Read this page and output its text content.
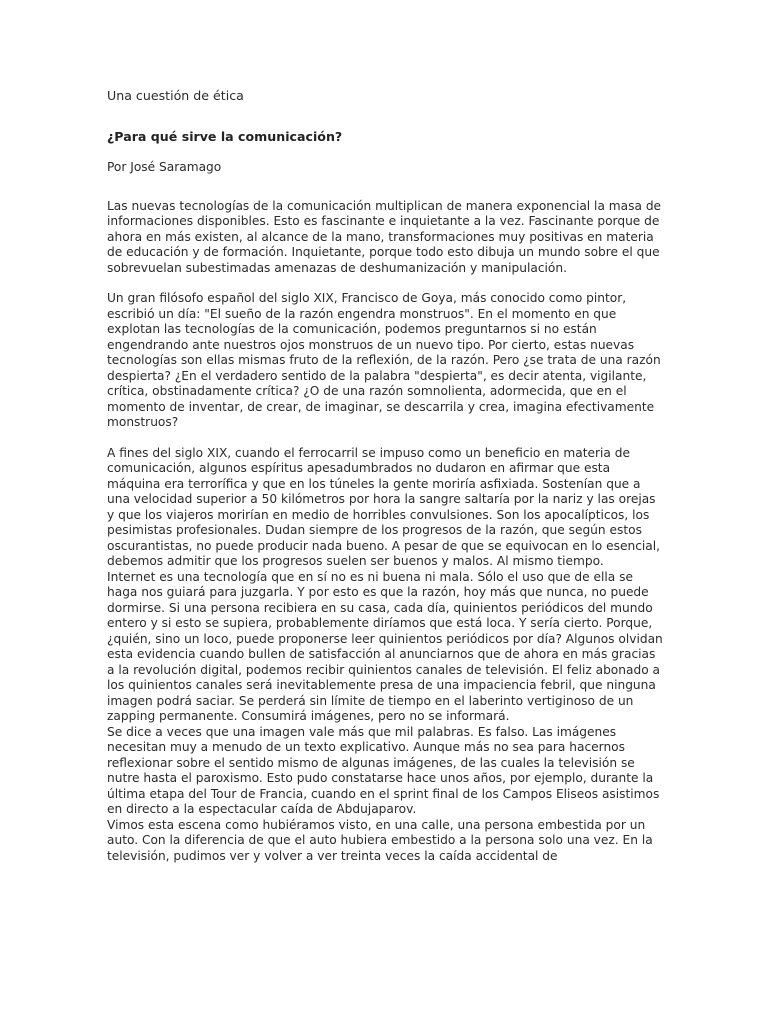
Una cuestión de ética

¿Para qué sirve la comunicación?

Por José Saramago

Las nuevas tecnologías de la comunicación multiplican de manera exponencial la masa de informaciones disponibles. Esto es fascinante e inquietante a la vez. Fascinante porque de ahora en más existen, al alcance de la mano, transformaciones muy positivas en materia de educación y de formación. Inquietante, porque todo esto dibuja un mundo sobre el que sobrevuelan subestimadas amenazas de deshumanización y manipulación.

Un gran filósofo español del siglo XIX, Francisco de Goya, más conocido como pintor, escribió un día: "El sueño de la razón engendra monstruos". En el momento en que explotan las tecnologías de la comunicación, podemos preguntarnos si no están engendrando ante nuestros ojos monstruos de un nuevo tipo. Por cierto, estas nuevas tecnologías son ellas mismas fruto de la reflexión, de la razón. Pero ¿se trata de una razón despierta? ¿En el verdadero sentido de la palabra "despierta", es decir atenta, vigilante, crítica, obstinadamente crítica? ¿O de una razón somnolienta, adormecida, que en el momento de inventar, de crear, de imaginar, se descarrila y crea, imagina efectivamente monstruos?

A fines del siglo XIX, cuando el ferrocarril se impuso como un beneficio en materia de comunicación, algunos espíritus apesadumbrados no dudaron en afirmar que esta máquina era terrorífica y que en los túneles la gente moriría asfixiada. Sostenían que a una velocidad superior a 50 kilómetros por hora la sangre saltaría por la nariz y las orejas y que los viajeros morirían en medio de horribles convulsiones. Son los apocalípticos, los pesimistas profesionales. Dudan siempre de los progresos de la razón, que según estos oscurantistas, no puede producir nada bueno. A pesar de que se equivocan en lo esencial, debemos admitir que los progresos suelen ser buenos y malos. Al mismo tiempo.

Internet es una tecnología que en sí no es ni buena ni mala. Sólo el uso que de ella se haga nos guiará para juzgarla. Y por esto es que la razón, hoy más que nunca, no puede dormirse. Si una persona recibiera en su casa, cada día, quinientos periódicos del mundo entero y si esto se supiera, probablemente diríamos que está loca. Y sería cierto. Porque, ¿quién, sino un loco, puede proponerse leer quinientos periódicos por día? Algunos olvidan esta evidencia cuando bullen de satisfacción al anunciarnos que de ahora en más gracias a la revolución digital, podemos recibir quinientos canales de televisión. El feliz abonado a los quinientos canales será inevitablemente presa de una impaciencia febril, que ninguna imagen podrá saciar. Se perderá sin límite de tiempo en el laberinto vertiginoso de un zapping permanente. Consumirá imágenes, pero no se informará.

Se dice a veces que una imagen vale más que mil palabras. Es falso. Las imágenes necesitan muy a menudo de un texto explicativo. Aunque más no sea para hacernos reflexionar sobre el sentido mismo de algunas imágenes, de las cuales la televisión se nutre hasta el paroxismo. Esto pudo constatarse hace unos años, por ejemplo, durante la última etapa del Tour de Francia, cuando en el sprint final de los Campos Eliseos asistimos en directo a la espectacular caída de Abdujaparov.

Vimos esta escena como hubiéramos visto, en una calle, una persona embestida por un auto. Con la diferencia de que el auto hubiera embestido a la persona solo una vez. En la televisión, pudimos ver y volver a ver treinta veces la caída accidental de
